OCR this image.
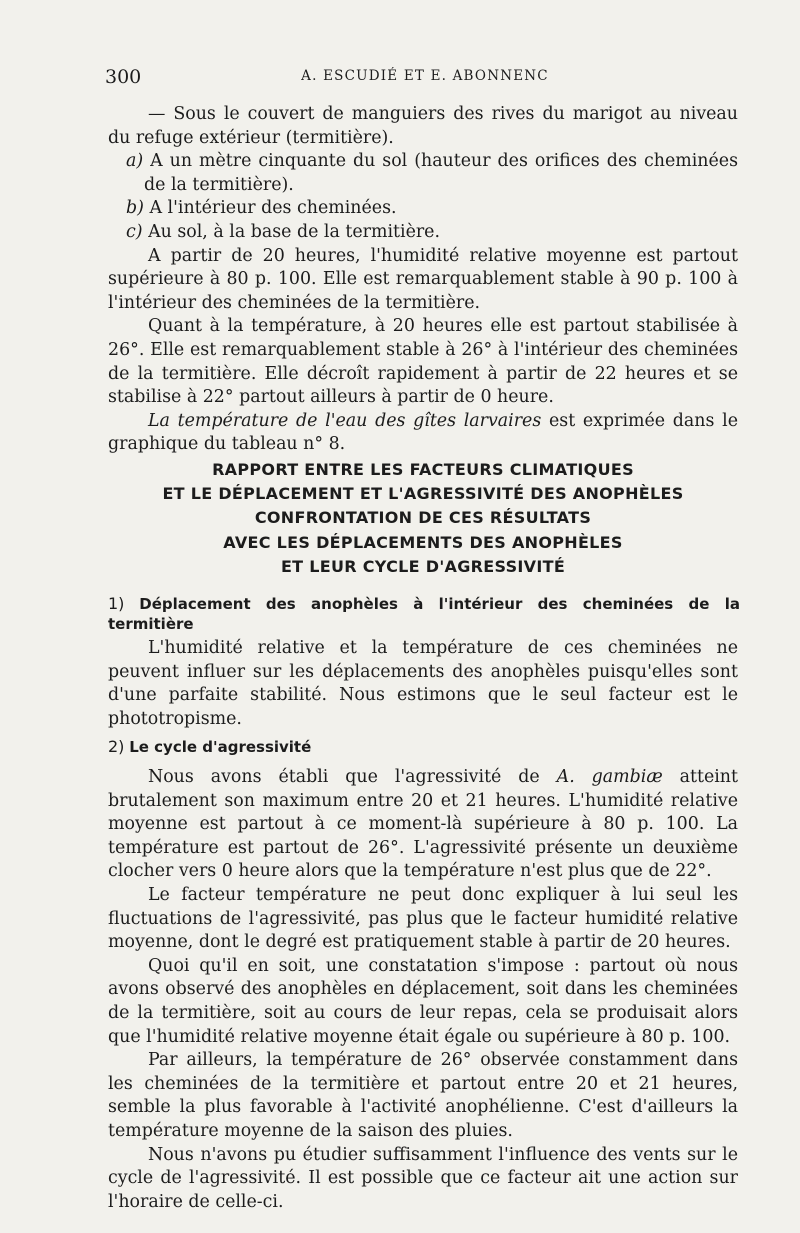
300	A. ESCUDIÉ ET E. ABONNENC
— Sous le couvert de manguiers des rives du marigot au niveau du refuge extérieur (termitière).
a) A un mètre cinquante du sol (hauteur des orifices des cheminées de la termitière).
b) A l'intérieur des cheminées.
c) Au sol, à la base de la termitière.
A partir de 20 heures, l'humidité relative moyenne est partout supérieure à 80 p. 100. Elle est remarquablement stable à 90 p. 100 à l'intérieur des cheminées de la termitière.
Quant à la température, à 20 heures elle est partout stabilisée à 26°. Elle est remarquablement stable à 26° à l'intérieur des cheminées de la termitière. Elle décroît rapidement à partir de 22 heures et se stabilise à 22° partout ailleurs à partir de 0 heure.
La température de l'eau des gîtes larvaires est exprimée dans le graphique du tableau n° 8.
RAPPORT ENTRE LES FACTEURS CLIMATIQUES
ET LE DÉPLACEMENT ET L'AGRESSIVITÉ DES ANOPHÈLES
CONFRONTATION DE CES RÉSULTATS
AVEC LES DÉPLACEMENTS DES ANOPHÈLES
ET LEUR CYCLE D'AGRESSIVITÉ
1) Déplacement des anophèles à l'intérieur des cheminées de la termitière
L'humidité relative et la température de ces cheminées ne peuvent influer sur les déplacements des anophèles puisqu'elles sont d'une parfaite stabilité. Nous estimons que le seul facteur est le phototropisme.
2) Le cycle d'agressivité
Nous avons établi que l'agressivité de A. gambiæ atteint brutalement son maximum entre 20 et 21 heures. L'humidité relative moyenne est partout à ce moment-là supérieure à 80 p. 100. La température est partout de 26°. L'agressivité présente un deuxième clocher vers 0 heure alors que la température n'est plus que de 22°.
Le facteur température ne peut donc expliquer à lui seul les fluctuations de l'agressivité, pas plus que le facteur humidité relative moyenne, dont le degré est pratiquement stable à partir de 20 heures.
Quoi qu'il en soit, une constatation s'impose : partout où nous avons observé des anophèles en déplacement, soit dans les cheminées de la termitière, soit au cours de leur repas, cela se produisait alors que l'humidité relative moyenne était égale ou supérieure à 80 p. 100.
Par ailleurs, la température de 26° observée constamment dans les cheminées de la termitière et partout entre 20 et 21 heures, semble la plus favorable à l'activité anophélienne. C'est d'ailleurs la température moyenne de la saison des pluies.
Nous n'avons pu étudier suffisamment l'influence des vents sur le cycle de l'agressivité. Il est possible que ce facteur ait une action sur l'horaire de celle-ci.
